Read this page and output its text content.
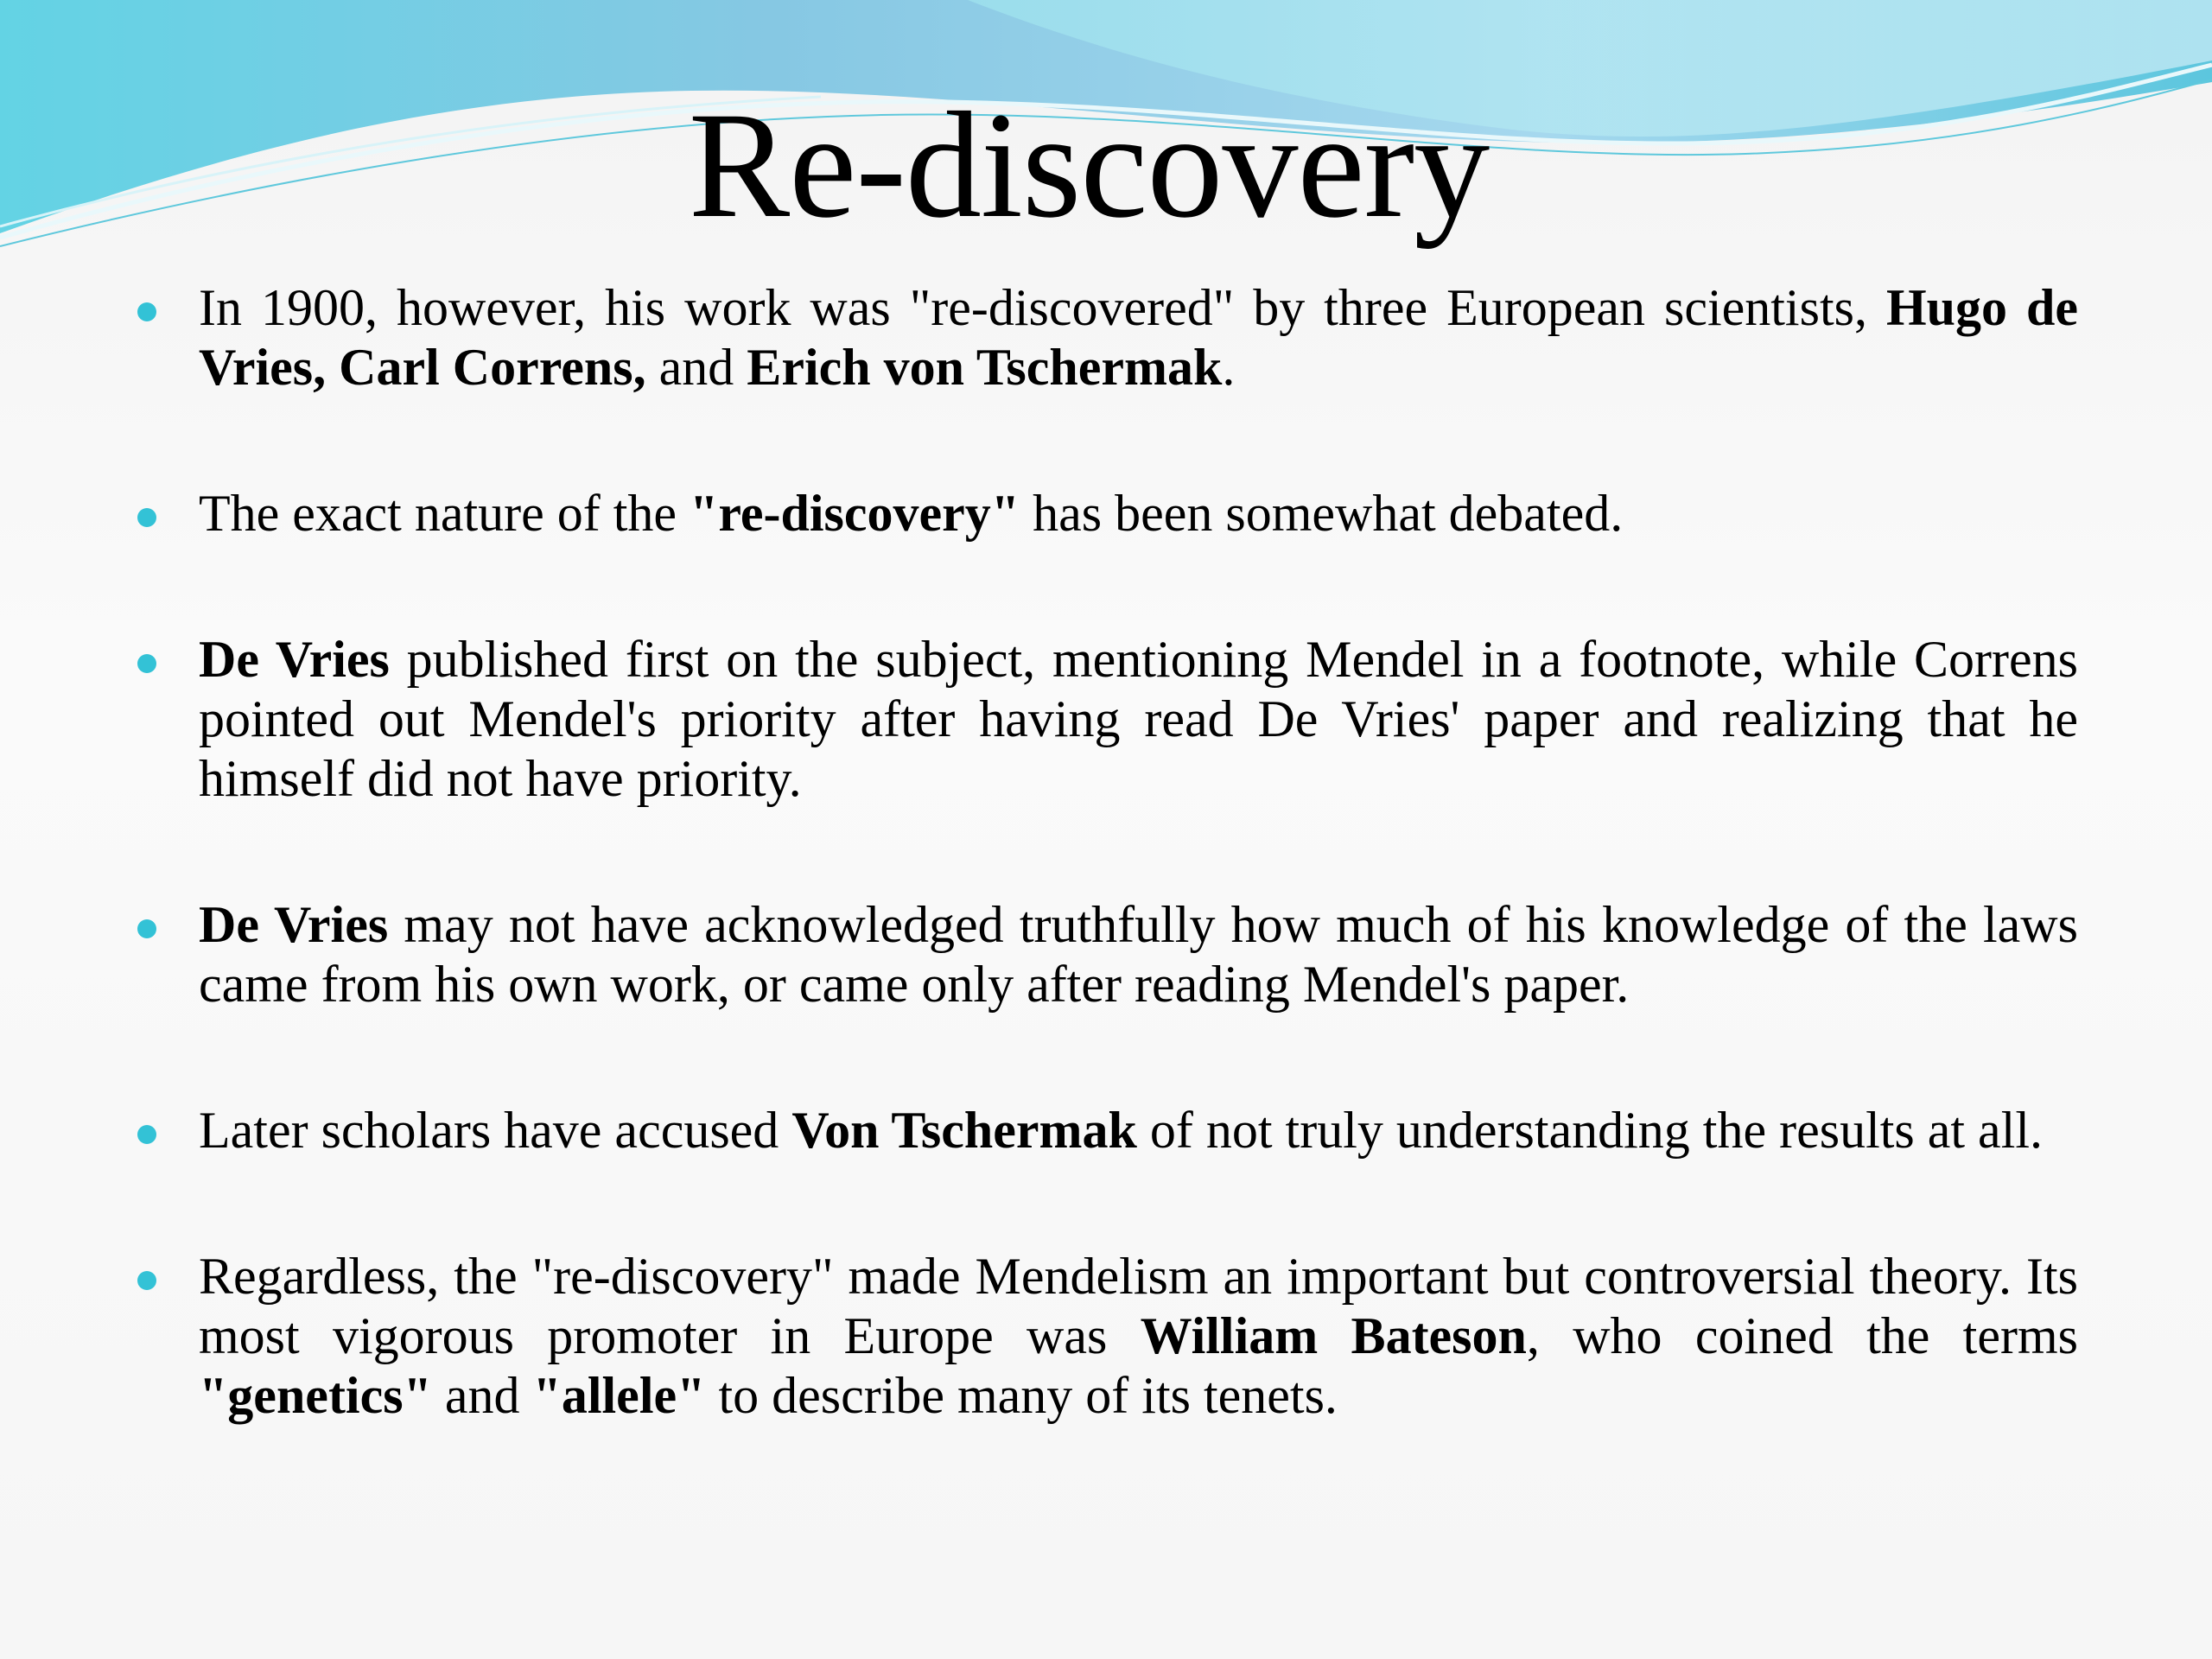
Re-discovery
In 1900, however, his work was "re-discovered" by three European scientists, Hugo de Vries, Carl Correns, and Erich von Tschermak.
The exact nature of the "re-discovery" has been somewhat debated.
De Vries published first on the subject, mentioning Mendel in a footnote, while Correns pointed out Mendel's priority after having read De Vries' paper and realizing that he himself did not have priority.
De Vries may not have acknowledged truthfully how much of his knowledge of the laws came from his own work, or came only after reading Mendel's paper.
Later scholars have accused Von Tschermak of not truly understanding the results at all.
Regardless, the "re-discovery" made Mendelism an important but controversial theory. Its most vigorous promoter in Europe was William Bateson, who coined the terms "genetics" and "allele" to describe many of its tenets.
